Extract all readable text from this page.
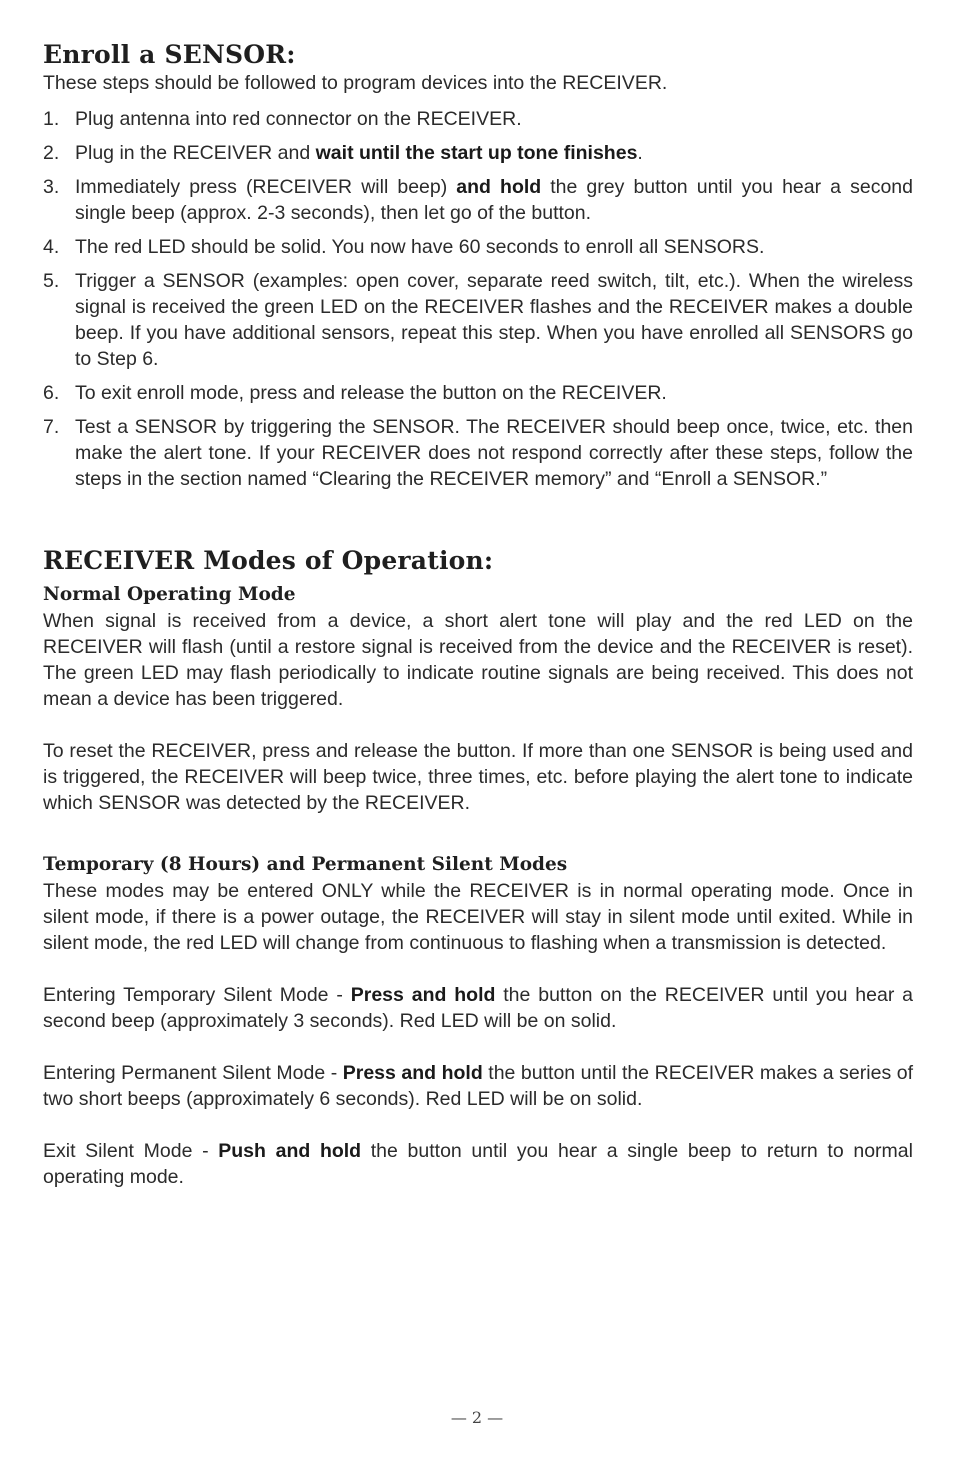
Enroll a SENSOR:

These steps should be followed to program devices into the RECEIVER.

1. Plug antenna into red connector on the RECEIVER.
2. Plug in the RECEIVER and wait until the start up tone finishes.
3. Immediately press (RECEIVER will beep) and hold the grey button until you hear a second single beep (approx. 2-3 seconds), then let go of the button.
4. The red LED should be solid. You now have 60 seconds to enroll all SENSORS.
5. Trigger a SENSOR (examples: open cover, separate reed switch, tilt, etc.). When the wireless signal is received the green LED on the RECEIVER flashes and the RECEIVER makes a double beep. If you have additional sensors, repeat this step. When you have enrolled all SENSORS go to Step 6.
6. To exit enroll mode, press and release the button on the RECEIVER.
7. Test a SENSOR by triggering the SENSOR. The RECEIVER should beep once, twice, etc. then make the alert tone. If your RECEIVER does not respond correctly after these steps, follow the steps in the section named “Clearing the RECEIVER memory” and “Enroll a SENSOR.”
RECEIVER Modes of Operation:
Normal Operating Mode

When signal is received from a device, a short alert tone will play and the red LED on the RECEIVER will flash (until a restore signal is received from the device and the RECEIVER is reset). The green LED may flash periodically to indicate routine signals are being received. This does not mean a device has been triggered.

To reset the RECEIVER, press and release the button. If more than one SENSOR is being used and is triggered, the RECEIVER will beep twice, three times, etc. before playing the alert tone to indicate which SENSOR was detected by the RECEIVER.

Temporary (8 Hours) and Permanent Silent Modes

These modes may be entered ONLY while the RECEIVER is in normal operating mode. Once in silent mode, if there is a power outage, the RECEIVER will stay in silent mode until exited. While in silent mode, the red LED will change from continuous to flashing when a transmission is detected.

Entering Temporary Silent Mode - Press and hold the button on the RECEIVER until you hear a second beep (approximately 3 seconds). Red LED will be on solid.

Entering Permanent Silent Mode - Press and hold the button until the RECEIVER makes a series of two short beeps (approximately 6 seconds). Red LED will be on solid.

Exit Silent Mode - Push and hold the button until you hear a single beep to return to normal operating mode.

— 2 —
